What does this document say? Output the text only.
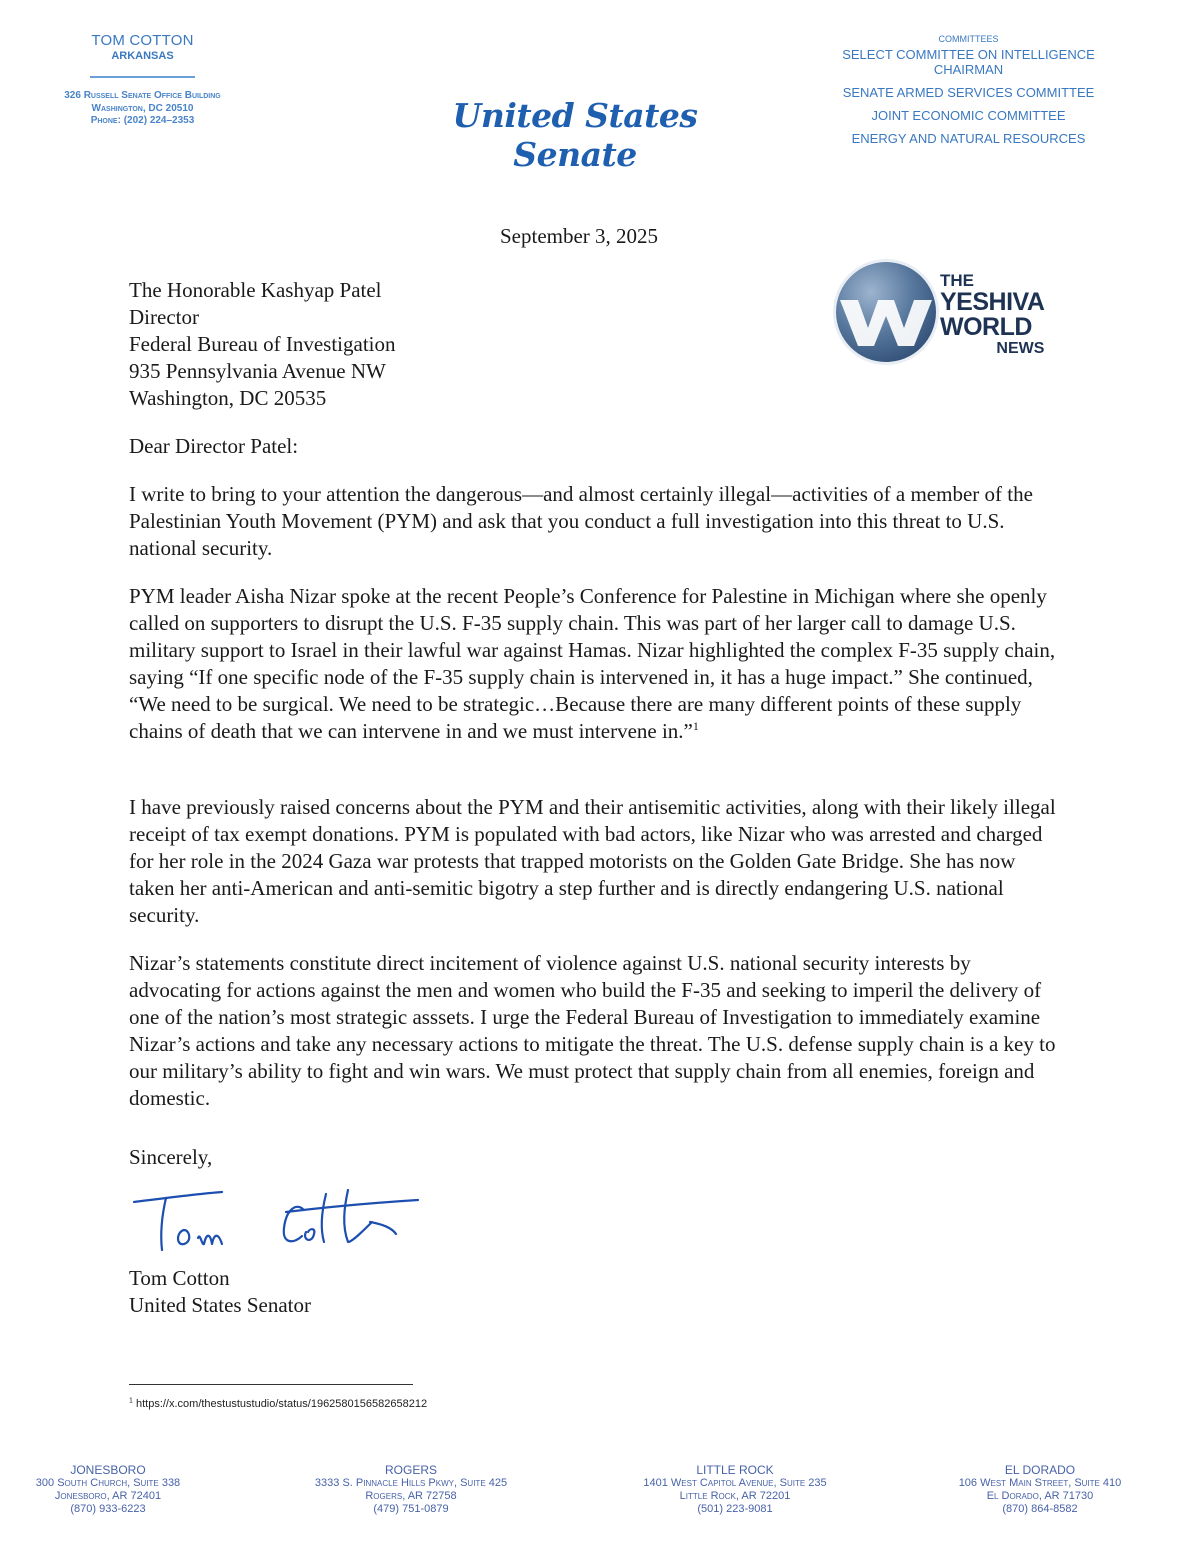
TOM COTTON
ARKANSAS
326 Russell Senate Office Building
Washington, DC 20510
Phone: (202) 224–2353	United States Senate
COMMITTEES
SELECT COMMITTEE ON INTELLIGENCE
CHAIRMAN
SENATE ARMED SERVICES COMMITTEE
JOINT ECONOMIC COMMITTEE
ENERGY AND NATURAL RESOURCES
September 3, 2025
The Honorable Kashyap Patel
Director
Federal Bureau of Investigation
935 Pennsylvania Avenue NW
Washington, DC 20535
THE
YESHIVA
WORLD
NEWS
Dear Director Patel:
I write to bring to your attention the dangerous—and almost certainly illegal—activities of a member of the Palestinian Youth Movement (PYM) and ask that you conduct a full investigation into this threat to U.S. national security.
PYM leader Aisha Nizar spoke at the recent People’s Conference for Palestine in Michigan where she openly called on supporters to disrupt the U.S. F-35 supply chain. This was part of her larger call to damage U.S. military support to Israel in their lawful war against Hamas. Nizar highlighted the complex F-35 supply chain, saying “If one specific node of the F-35 supply chain is intervened in, it has a huge impact.” She continued, “We need to be surgical. We need to be strategic…Because there are many different points of these supply chains of death that we can intervene in and we must intervene in.”$^1$
I have previously raised concerns about the PYM and their antisemitic activities, along with their likely illegal receipt of tax exempt donations. PYM is populated with bad actors, like Nizar who was arrested and charged for her role in the 2024 Gaza war protests that trapped motorists on the Golden Gate Bridge. She has now taken her anti-American and anti-semitic bigotry a step further and is directly endangering U.S. national security.
Nizar’s statements constitute direct incitement of violence against U.S. national security interests by advocating for actions against the men and women who build the F-35 and seeking to imperil the delivery of one of the nation’s most strategic asssets. I urge the Federal Bureau of Investigation to immediately examine Nizar’s actions and take any necessary actions to mitigate the threat. The U.S. defense supply chain is a key to our military’s ability to fight and win wars. We must protect that supply chain from all enemies, foreign and domestic.
Sincerely,
Tom Cotton
United States Senator
$^1$ https://x.com/thestustustudio/status/1962580156582658212
JONESBORO
300 South Church, Suite 338
Jonesboro, AR 72401
(870) 933-6223
ROGERS
3333 S. Pinnacle Hills Pkwy, Suite 425
Rogers, AR 72758
(479) 751-0879
LITTLE ROCK
1401 West Capitol Avenue, Suite 235
Little Rock, AR 72201
(501) 223-9081
EL DORADO
106 West Main Street, Suite 410
El Dorado, AR 71730
(870) 864-8582
